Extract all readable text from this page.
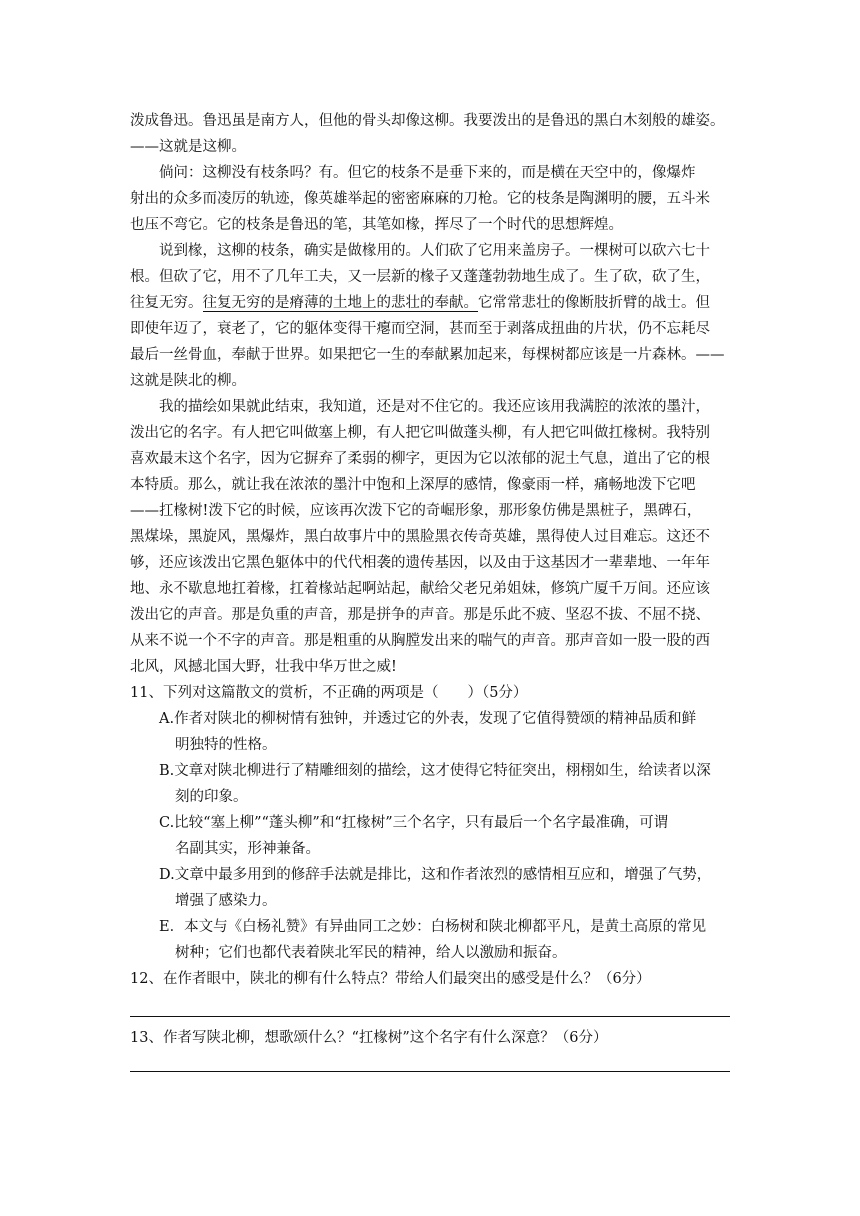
泼成鲁迅。鲁迅虽是南方人，但他的骨头却像这柳。我要泼出的是鲁迅的黑白木刻般的雄姿。
——这就是这柳。
倘问：这柳没有枝条吗？有。但它的枝条不是垂下来的，而是横在天空中的，像爆炸
射出的众多而凌厉的轨迹，像英雄举起的密密麻麻的刀枪。它的枝条是陶渊明的腰，五斗米
也压不弯它。它的枝条是鲁迅的笔，其笔如椽，挥尽了一个时代的思想辉煌。
说到椽，这柳的枝条，确实是做椽用的。人们砍了它用来盖房子。一棵树可以砍六七十
根。但砍了它，用不了几年工夫，又一层新的椽子又蓬蓬勃勃地生成了。生了砍，砍了生，
往复无穷。往复无穷的是瘠薄的土地上的悲壮的奉献。它常常悲壮的像断肢折臂的战士。但
即使年迈了，衰老了，它的躯体变得干瘪而空洞，甚而至于剥落成扭曲的片状，仍不忘耗尽
最后一丝骨血，奉献于世界。如果把它一生的奉献累加起来，每棵树都应该是一片森林。——
这就是陕北的柳。
我的描绘如果就此结束，我知道，还是对不住它的。我还应该用我满腔的浓浓的墨汁，
泼出它的名字。有人把它叫做塞上柳，有人把它叫做蓬头柳，有人把它叫做扛椽树。我特别
喜欢最末这个名字，因为它摒弃了柔弱的柳字，更因为它以浓郁的泥土气息，道出了它的根
本特质。那么，就让我在浓浓的墨汁中饱和上深厚的感情，像豪雨一样，痛畅地泼下它吧
——扛椽树!泼下它的时候，应该再次泼下它的奇崛形象，那形象仿佛是黑桩子，黑碑石，
黑煤垛，黑旋风，黑爆炸，黑白故事片中的黑脸黑衣传奇英雄，黑得使人过目难忘。这还不
够，还应该泼出它黑色躯体中的代代相袭的遗传基因，以及由于这基因才一辈辈地、一年年
地、永不歇息地扛着椽，扛着椽站起啊站起，献给父老兄弟姐妹，修筑广厦千万间。还应该
泼出它的声音。那是负重的声音，那是拼争的声音。那是乐此不疲、坚忍不拔、不屈不挠、
从来不说一个不字的声音。那是粗重的从胸膛发出来的喘气的声音。那声音如一股一股的西
北风，风撼北国大野，壮我中华万世之威!
11、下列对这篇散文的赏析，不正确的两项是（　　）（5分）
A.作者对陕北的柳树情有独钟，并透过它的外表，发现了它值得赞颂的精神品质和鲜
明独特的性格。
B.文章对陕北柳进行了精雕细刻的描绘，这才使得它特征突出，栩栩如生，给读者以深
刻的印象。
C.比较“塞上柳”“蓬头柳”和“扛椽树”三个名字，只有最后一个名字最准确，可谓
名副其实，形神兼备。
D.文章中最多用到的修辞手法就是排比，这和作者浓烈的感情相互应和，增强了气势，
增强了感染力。
E．本文与《白杨礼赞》有异曲同工之妙：白杨树和陕北柳都平凡，是黄土高原的常见
树种；它们也都代表着陕北军民的精神，给人以激励和振奋。
12、在作者眼中，陕北的柳有什么特点？带给人们最突出的感受是什么？（6分）
13、作者写陕北柳，想歌颂什么？“扛椽树”这个名字有什么深意？（6分）
